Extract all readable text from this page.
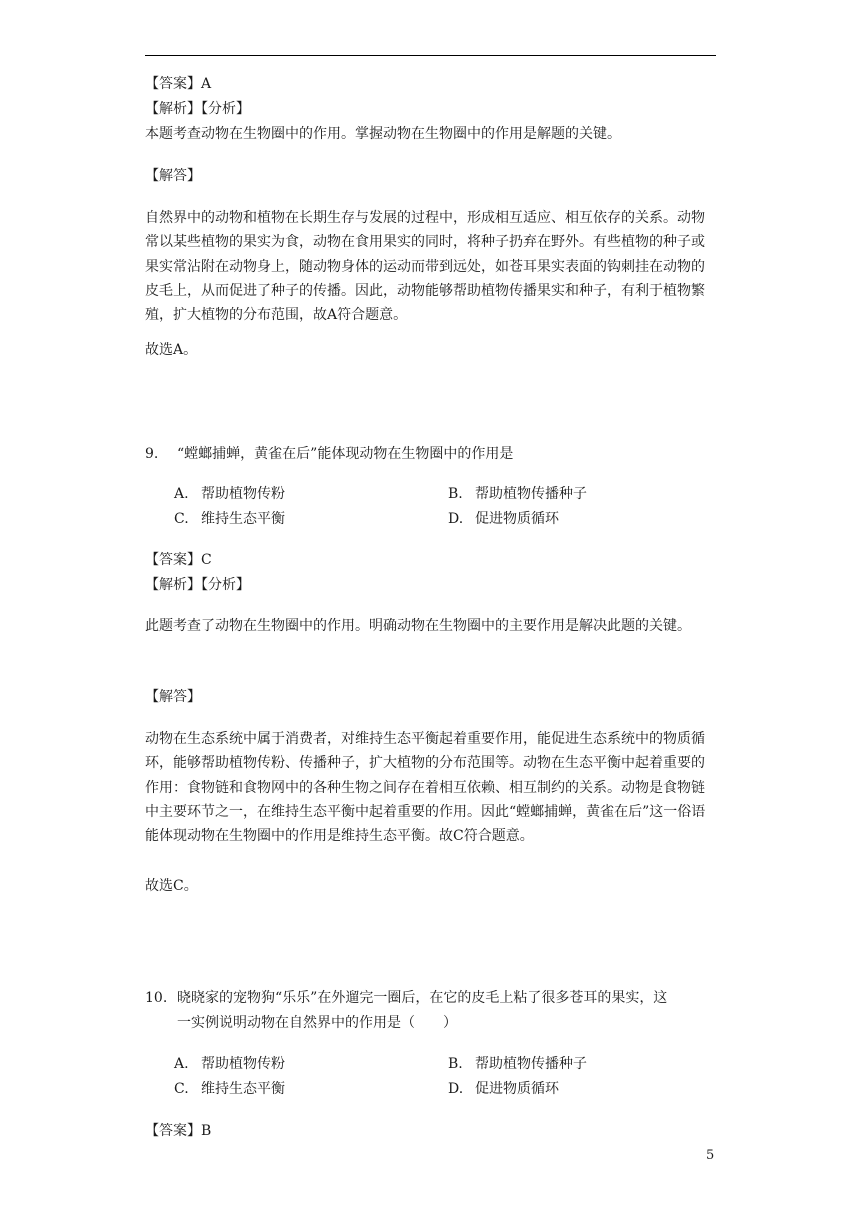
【答案】A
【解析】【分析】
本题考查动物在生物圈中的作用。掌握动物在生物圈中的作用是解题的关键。
【解答】
自然界中的动物和植物在长期生存与发展的过程中，形成相互适应、相互依存的关系。动物常以某些植物的果实为食，动物在食用果实的同时，将种子扔弃在野外。有些植物的种子或果实常沾附在动物身上，随动物身体的运动而带到远处，如苍耳果实表面的钩刺挂在动物的皮毛上，从而促进了种子的传播。因此，动物能够帮助植物传播果实和种子，有利于植物繁殖，扩大植物的分布范围，故A符合题意。
故选A。
9. “螳螂捕蝉，黄雀在后”能体现动物在生物圈中的作用是
A. 帮助植物传粉	B. 帮助植物传播种子
C. 维持生态平衡	D. 促进物质循环
【答案】C
【解析】【分析】
此题考查了动物在生物圈中的作用。明确动物在生物圈中的主要作用是解决此题的关键。
【解答】
动物在生态系统中属于消费者，对维持生态平衡起着重要作用，能促进生态系统中的物质循环，能够帮助植物传粉、传播种子，扩大植物的分布范围等。动物在生态平衡中起着重要的作用：食物链和食物网中的各种生物之间存在着相互依赖、相互制约的关系。动物是食物链中主要环节之一，在维持生态平衡中起着重要的作用。因此“螳螂捕蝉，黄雀在后”这一俗语能体现动物在生物圈中的作用是维持生态平衡。故C符合题意。
故选C。
10. 晓晓家的宠物狗“乐乐”在外遛完一圈后，在它的皮毛上粘了很多苍耳的果实，这
一实例说明动物在自然界中的作用是（　　）
A. 帮助植物传粉	B. 帮助植物传播种子
C. 维持生态平衡	D. 促进物质循环
【答案】B
5
